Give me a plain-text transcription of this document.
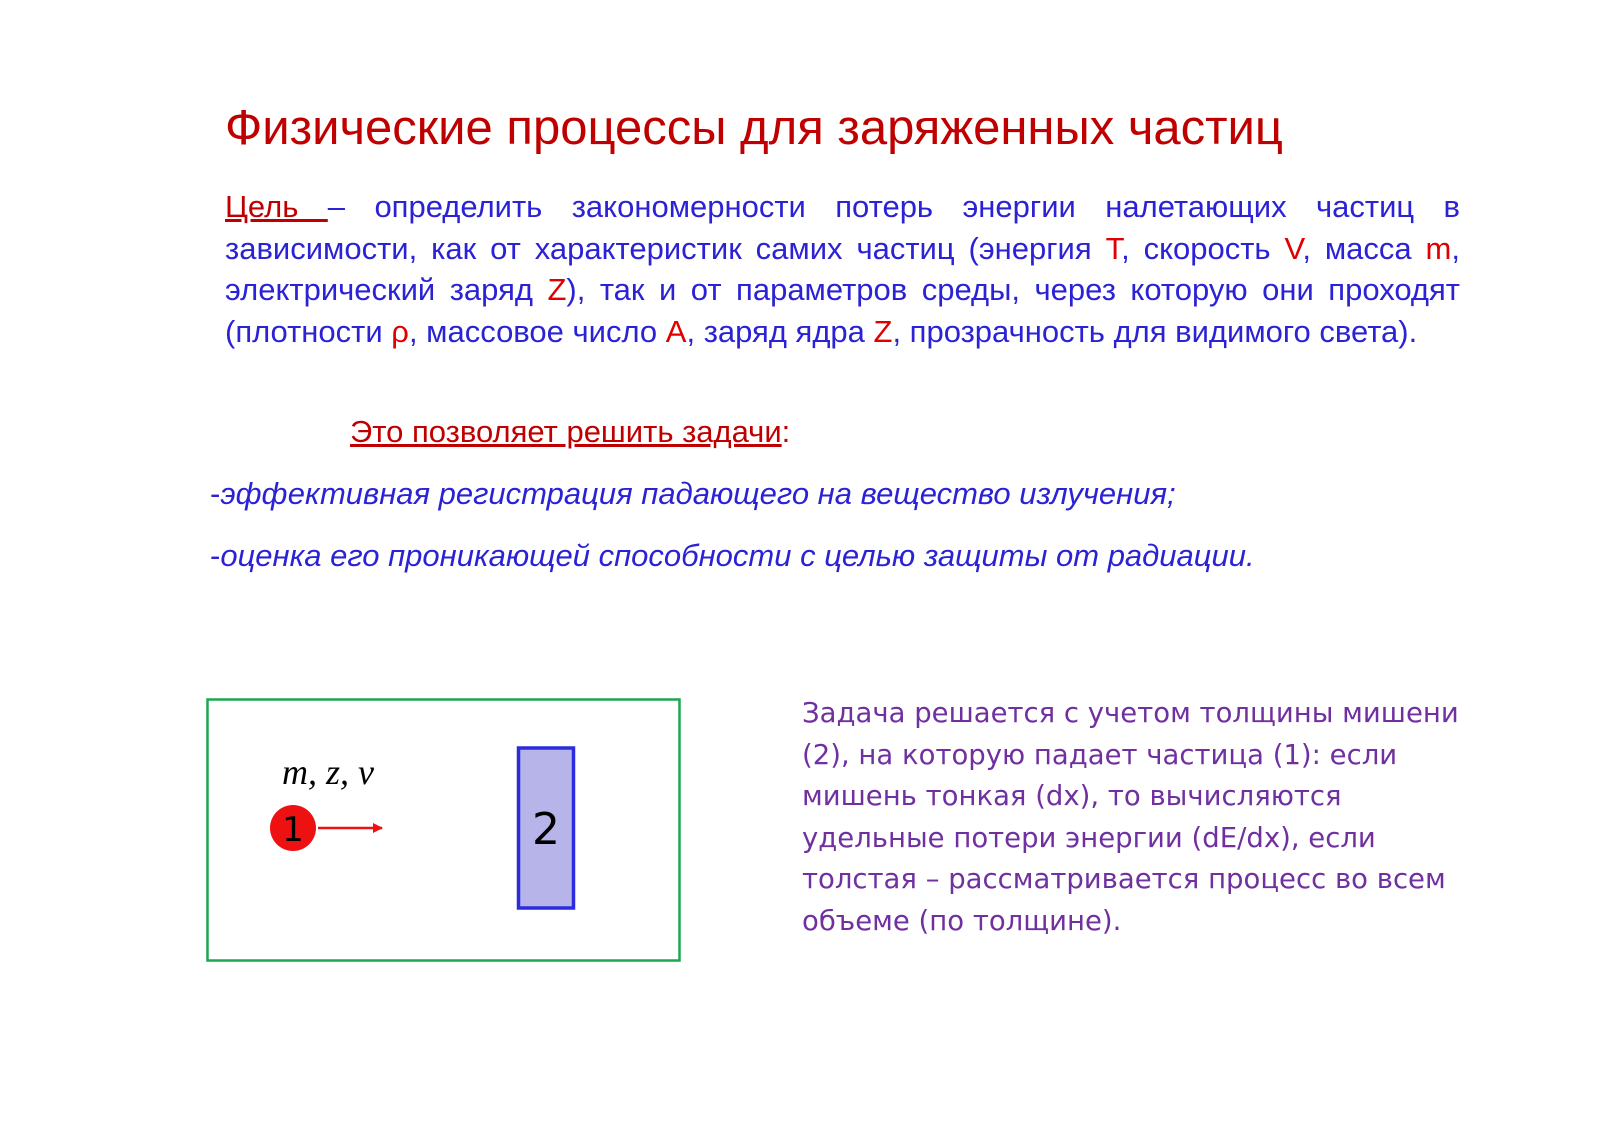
Физические процессы для заряженных частиц

Цель – определить закономерности потерь энергии налетающих частиц в зависимости, как от характеристик самих частиц (энергия T, скорость V, масса m, электрический заряд Z), так и от параметров среды, через которую они проходят (плотности ρ, массовое число А, заряд ядра Z, прозрачность для видимого света).

Это позволяет решить задачи:
-эффективная регистрация падающего на вещество излучения;
-оценка его проникающей способности с целью защиты от радиации.
m, z, v
1	2

Задача решается с учетом толщины мишени (2), на которую падает частица (1): если мишень тонкая (dx), то вычисляются удельные потери энергии (dE/dx), если толстая – рассматривается процесс во всем объеме (по толщине).
